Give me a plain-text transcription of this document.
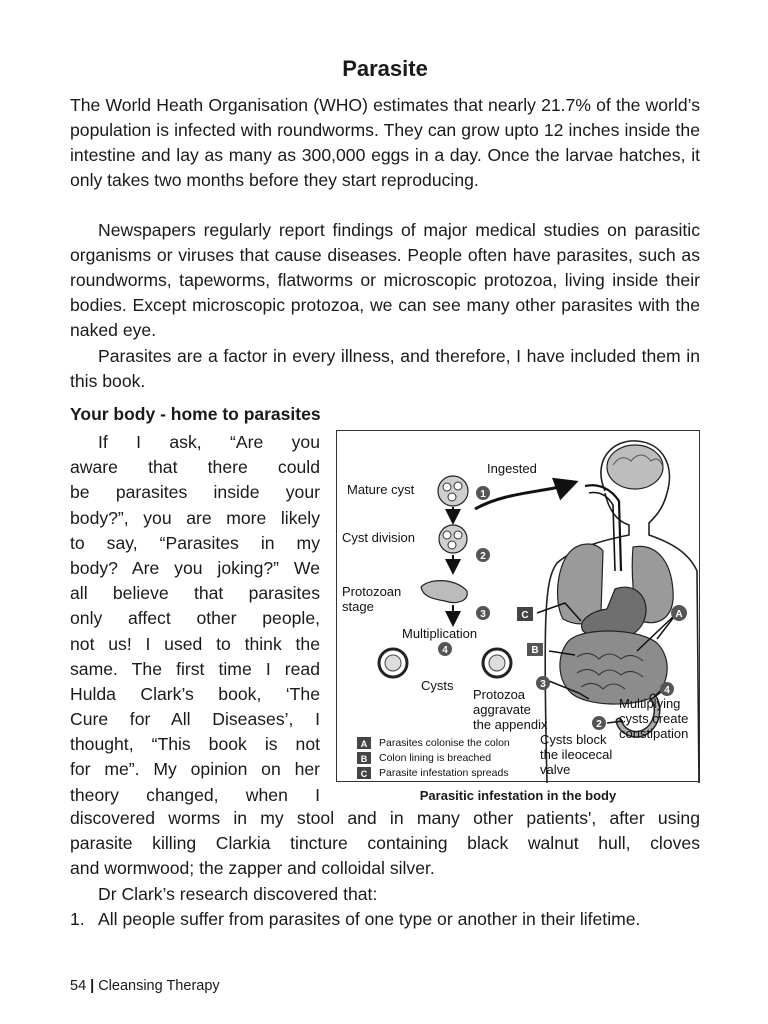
Parasite

The World Heath Organisation (WHO) estimates that nearly 21.7% of the world’s population is infected with roundworms. They can grow upto 12 inches inside the intestine and lay as many as 300,000 eggs in a day. Once the larvae hatches, it only takes two months before they start reproducing.

Newspapers regularly report findings of major medical studies on parasitic organisms or viruses that cause diseases. People often have parasites, such as roundworms, tapeworms, flatworms or microscopic protozoa, living inside their bodies. Except microscopic protozoa, we can see many other parasites with the naked eye.

Parasites are a factor in every illness, and therefore, I have included them in this book.

Your body - home to parasites
If I ask, “Are you
aware that there could
be parasites inside your
body?”, you are more likely
to say, “Parasites in my
body? Are you joking?” We
all believe that parasites
only affect other people,
not us! I used to think the
same. The first time I read
Hulda Clark’s book, ‘The
Cure for All Diseases’, I
thought, “This book is not
for me”. My opinion on her
theory changed, when I
1
2
3
4
C	A
B
3
2
4
A
B
C
Ingested
Mature cyst
Cyst division
Protozoan
stage
Multiplication
Cysts
Protozoa
aggravate
the appendix
Cysts block
the ileocecal
valve
Multiplying
cysts create
constipation
Parasites colonise the colon
Colon lining is breached
Parasite infestation spreads
Parasitic infestation in the body
discovered worms in my stool and in many other patients', after using
parasite killing Clarkia tincture containing black walnut hull, cloves
and wormwood; the zapper and colloidal silver.
Dr Clark’s research discovered that:
1. All people suffer from parasites of one type or another in their lifetime.
54 | Cleansing Therapy
